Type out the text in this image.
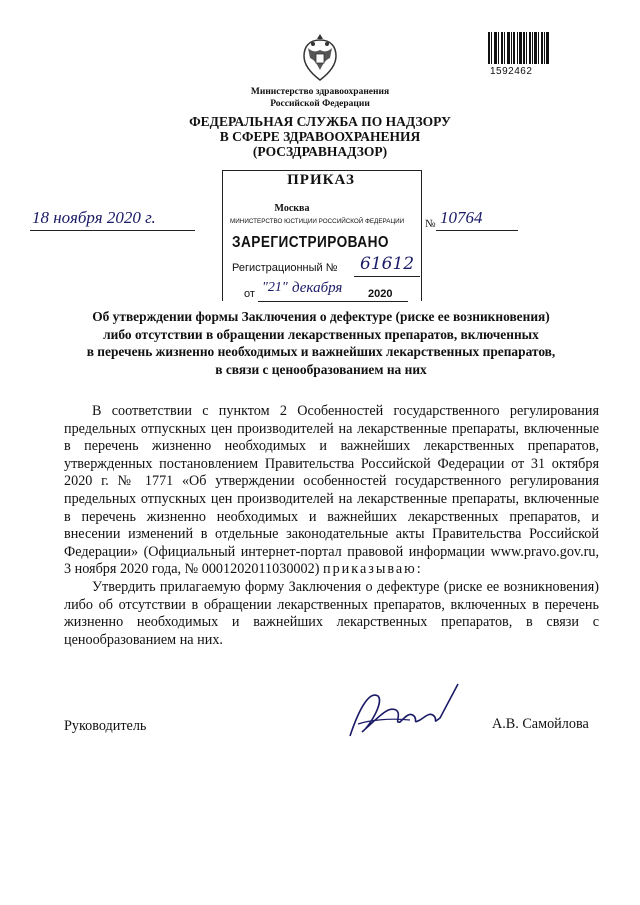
1592462
Министерство здравоохранения
Российской Федерации
ФЕДЕРАЛЬНАЯ СЛУЖБА ПО НАДЗОРУ
В СФЕРЕ ЗДРАВООХРАНЕНИЯ
(РОСЗДРАВНАДЗОР)
ПРИКАЗ
Москва
МИНИСТЕРСТВО ЮСТИЦИИ РОССИЙСКОЙ ФЕДЕРАЦИИ
ЗАРЕГИСТРИРОВАНО
Регистрационный № 61612
от "21" декабря 2020
18 ноября 2020 г.	№ 10764
Об утверждении формы Заключения о дефектуре (риске ее возникновения)
либо отсутствии в обращении лекарственных препаратов, включенных
в перечень жизненно необходимых и важнейших лекарственных препаратов,
в связи с ценообразованием на них

В соответствии с пунктом 2 Особенностей государственного регулирования предельных отпускных цен производителей на лекарственные препараты, включенные в перечень жизненно необходимых и важнейших лекарственных препаратов, утвержденных постановлением Правительства Российской Федерации от 31 октября 2020 г. № 1771 «Об утверждении особенностей государственного регулирования предельных отпускных цен производителей на лекарственные препараты, включенные в перечень жизненно необходимых и важнейших лекарственных препаратов, и внесении изменений в отдельные законодательные акты Правительства Российской Федерации» (Официальный интернет-портал правовой информации www.pravo.gov.ru, 3 ноября 2020 года, № 0001202011030002) приказываю:

Утвердить прилагаемую форму Заключения о дефектуре (риске ее возникновения) либо об отсутствии в обращении лекарственных препаратов, включенных в перечень жизненно необходимых и важнейших лекарственных препаратов, в связи с ценообразованием на них.

Руководитель	А.В. Самойлова
